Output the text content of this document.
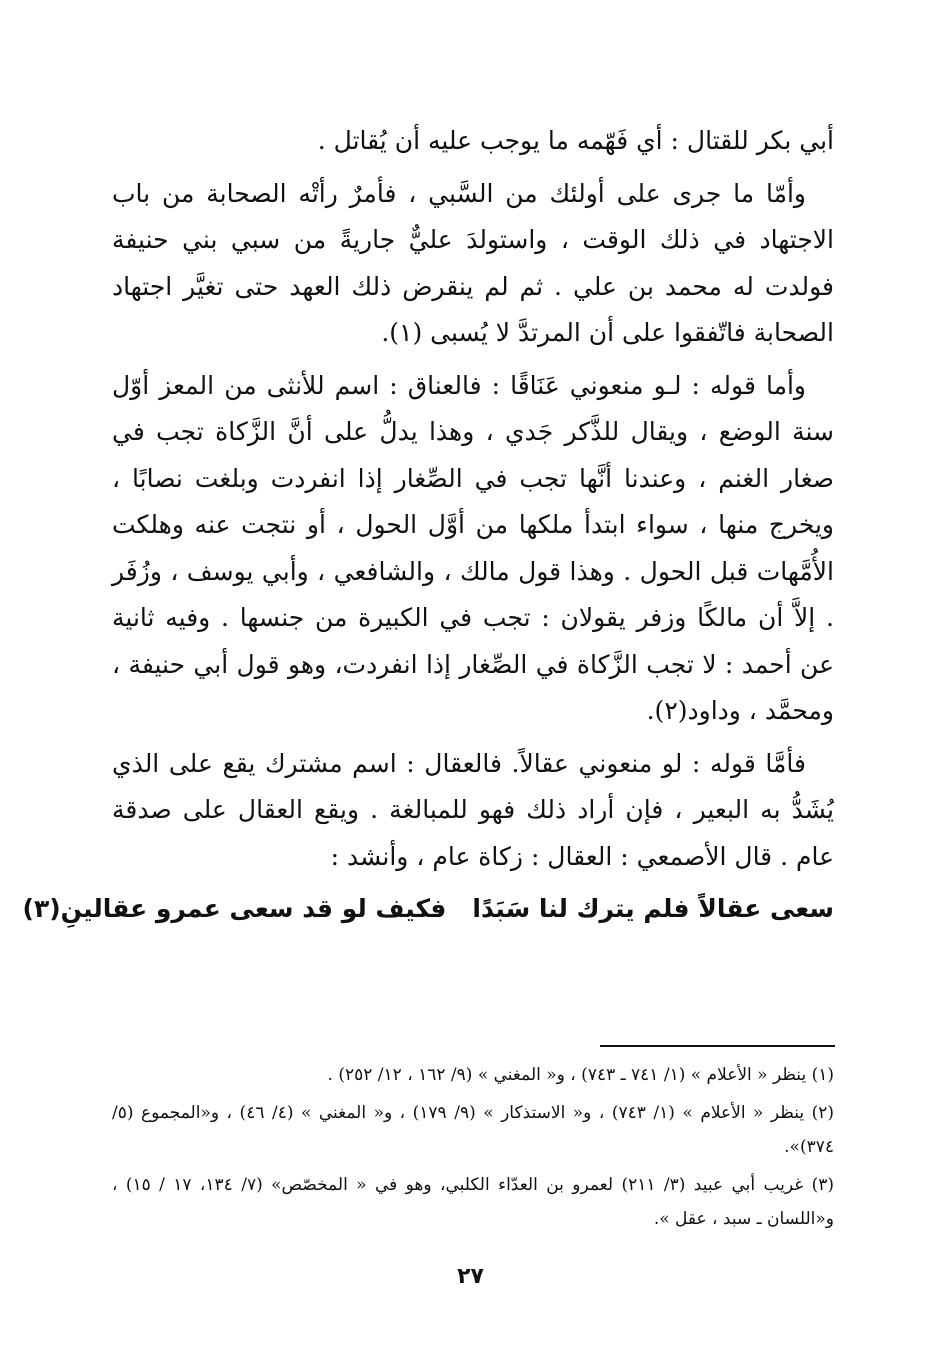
أبي بكر للقتال : أي فَهّمه ما يوجب عليه أن يُقاتل .

وأمّا ما جرى على أولئك من السَّبي ، فأمرٌ رأتْه الصحابة من باب الاجتهاد في ذلك الوقت ، واستولدَ عليٌّ جاريةً من سبي بني حنيفة فولدت له محمد بن علي . ثم لم ينقرض ذلك العهد حتى تغيَّر اجتهاد الصحابة فاتّفقوا على أن المرتدَّ لا يُسبى (١).

وأما قوله : لـو منعوني عَنَاقًا : فالعناق : اسم للأنثى من المعز أوّل سنة الوضع ، ويقال للذَّكر جَدي ، وهذا يدلُّ على أنَّ الزَّكاة تجب في صغار الغنم ، وعندنا أنَّها تجب في الصِّغار إذا انفردت وبلغت نصابًا ، ويخرج منها ، سواء ابتدأ ملكها من أوَّل الحول ، أو نتجت عنه وهلكت الأُمَّهات قبل الحول . وهذا قول مالك ، والشافعي ، وأبي يوسف ، وزُفَر . إلاَّ أن مالكًا وزفر يقولان : تجب في الكبيرة من جنسها . وفيه ثانية عن أحمد : لا تجب الزَّكاة في الصِّغار إذا انفردت، وهو قول أبي حنيفة ، ومحمَّد ، وداود(٢).

فأمَّا قوله : لو منعوني عقالاً. فالعقال : اسم مشترك يقع على الذي يُشَدُّ به البعير ، فإن أراد ذلك فهو للمبالغة . ويقع العقال على صدقة عام . قال الأصمعي : العقال : زكاة عام ، وأنشد :

سعى عقالاً فلم يترك لنا سَبَدًافكيف لو قد سعى عمرو عقالينِ(٣)

(١) ينظر « الأعلام » (١/ ٧٤١ ـ ٧٤٣) ، و« المغني » (٩/ ١٦٢ ، ١٢/ ٢٥٢) .

(٢) ينظر « الأعلام » (١/ ٧٤٣) ، و« الاستذكار » (٩/ ١٧٩) ، و« المغني » (٤/ ٤٦) ، و«المجموع (٥/ ٣٧٤)».

(٣) غريب أبي عبيد (٣/ ٢١١) لعمرو بن العدّاء الكلبي، وهو في « المخصّص» (٧/ ١٣٤، ١٧ / ١٥) ، و«اللسان ـ سبد ، عقل ».

٢٧
